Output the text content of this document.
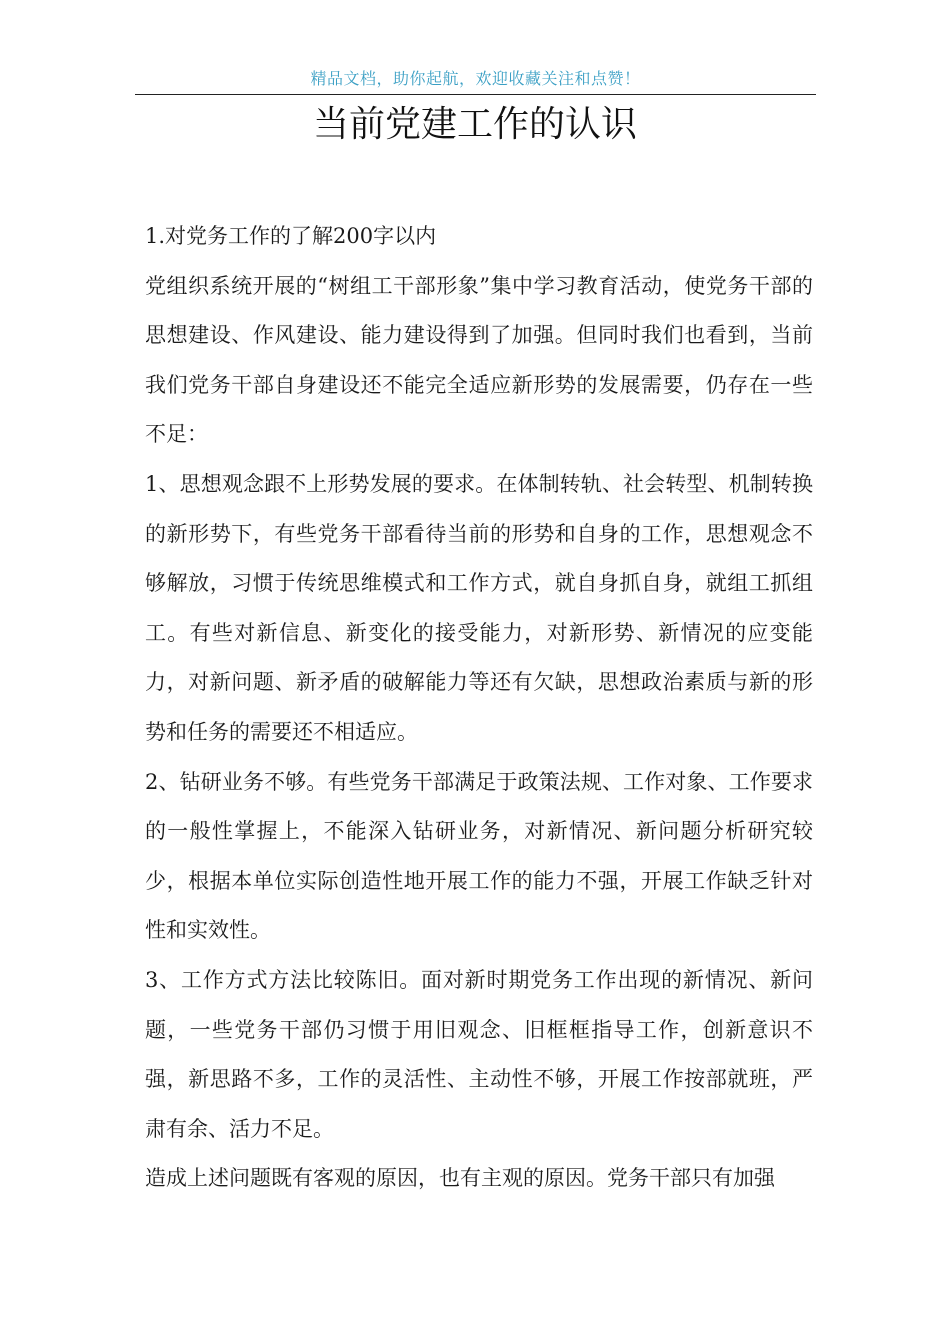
精品文档，助你起航，欢迎收藏关注和点赞！
当前党建工作的认识

1.对党务工作的了解200字以内

党组织系统开展的“树组工干部形象”集中学习教育活动，使党务干部的思想建设、作风建设、能力建设得到了加强。但同时我们也看到，当前我们党务干部自身建设还不能完全适应新形势的发展需要，仍存在一些不足：

1、思想观念跟不上形势发展的要求。在体制转轨、社会转型、机制转换的新形势下，有些党务干部看待当前的形势和自身的工作，思想观念不够解放，习惯于传统思维模式和工作方式，就自身抓自身，就组工抓组工。有些对新信息、新变化的接受能力，对新形势、新情况的应变能力，对新问题、新矛盾的破解能力等还有欠缺，思想政治素质与新的形势和任务的需要还不相适应。

2、钻研业务不够。有些党务干部满足于政策法规、工作对象、工作要求的一般性掌握上，不能深入钻研业务，对新情况、新问题分析研究较少，根据本单位实际创造性地开展工作的能力不强，开展工作缺乏针对性和实效性。

3、工作方式方法比较陈旧。面对新时期党务工作出现的新情况、新问题，一些党务干部仍习惯于用旧观念、旧框框指导工作，创新意识不强，新思路不多，工作的灵活性、主动性不够，开展工作按部就班，严肃有余、活力不足。

造成上述问题既有客观的原因，也有主观的原因。党务干部只有加强
